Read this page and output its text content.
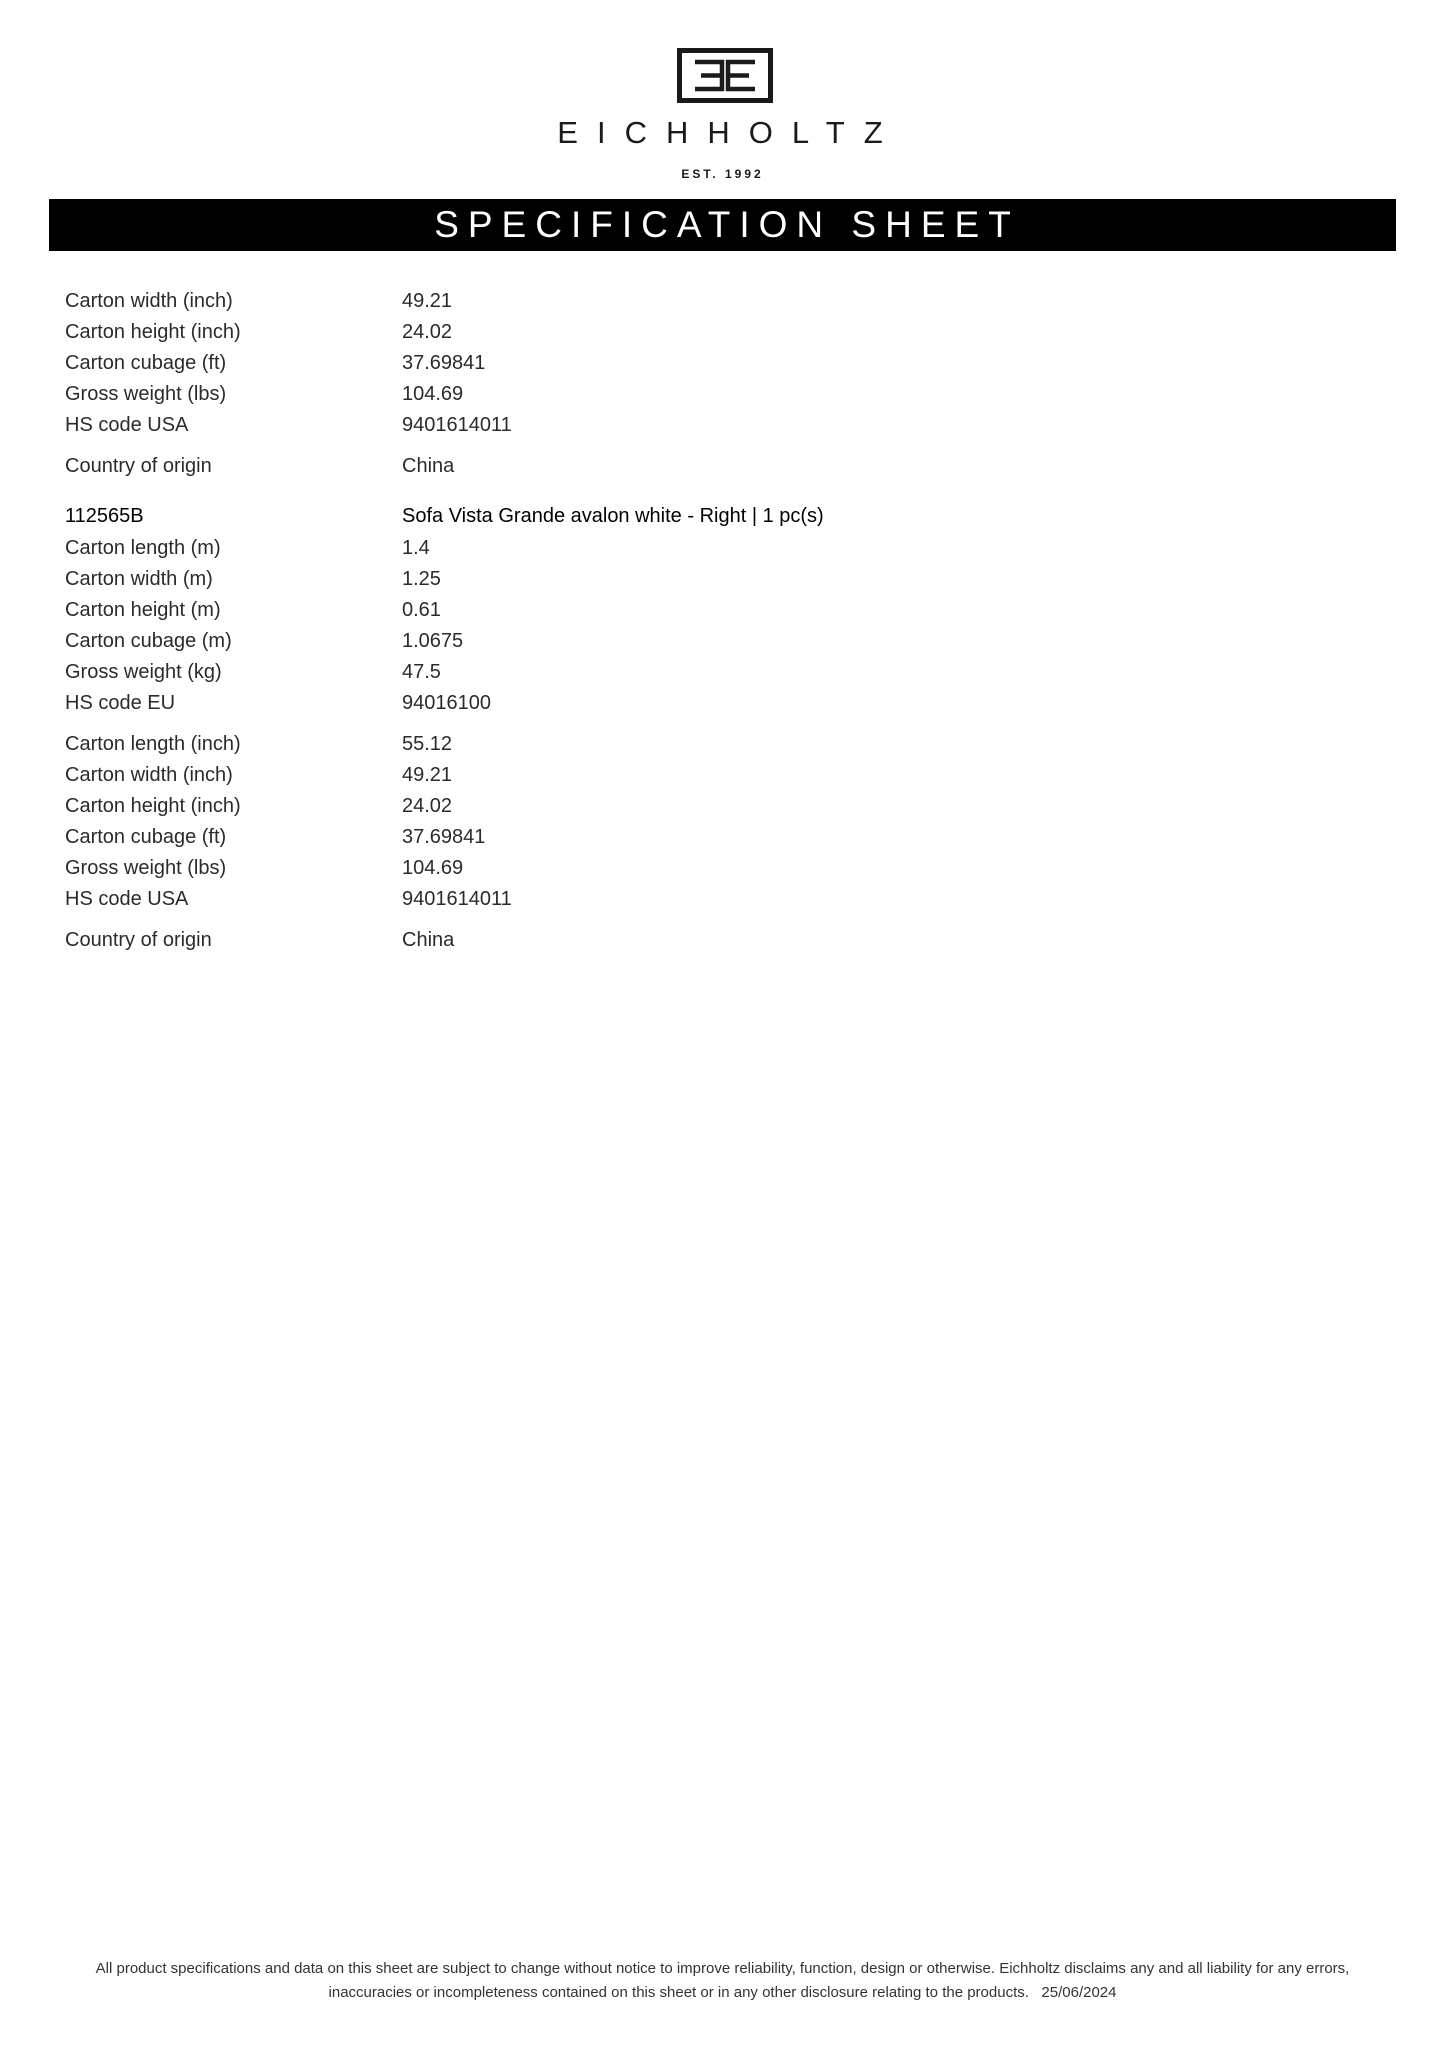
EICHHOLTZ
EST. 1992
SPECIFICATION SHEET
Carton width (inch)	49.21
Carton height (inch)	24.02
Carton cubage (ft)	37.69841
Gross weight (lbs)	104.69
HS code USA	9401614011
Country of origin	China
112565B	Sofa Vista Grande avalon white - Right | 1 pc(s)
Carton length (m)	1.4
Carton width (m)	1.25
Carton height (m)	0.61
Carton cubage (m)	1.0675
Gross weight (kg)	47.5
HS code EU	94016100
Carton length (inch)	55.12
Carton width (inch)	49.21
Carton height (inch)	24.02
Carton cubage (ft)	37.69841
Gross weight (lbs)	104.69
HS code USA	9401614011
Country of origin	China
All product specifications and data on this sheet are subject to change without notice to improve reliability, function, design or otherwise. Eichholtz disclaims any and all liability for any errors,
inaccuracies or incompleteness contained on this sheet or in any other disclosure relating to the products.   25/06/2024
